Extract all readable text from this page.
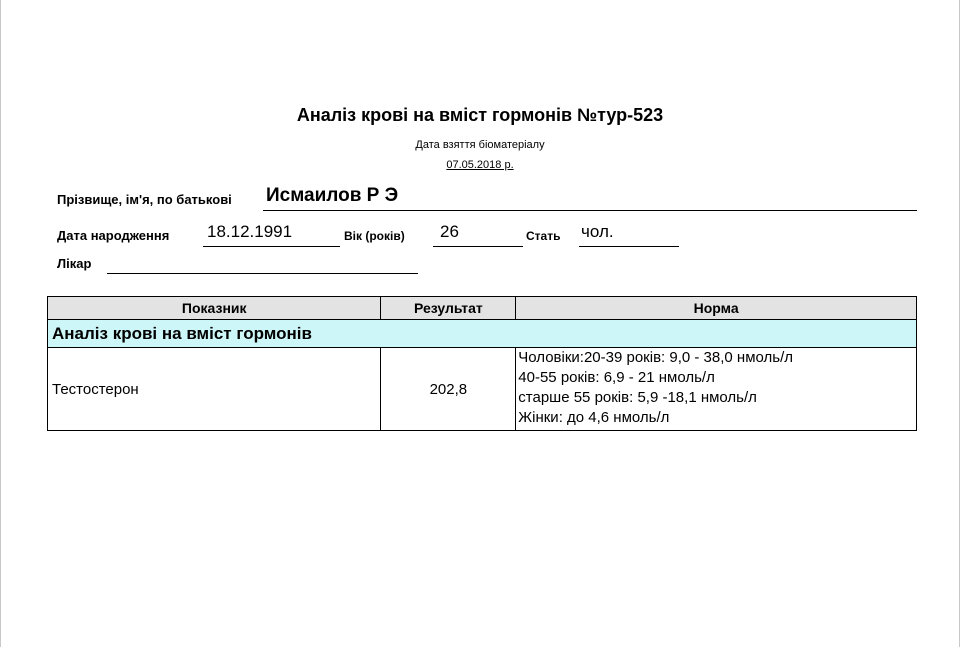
Аналіз крові на вміст гормонів №тур-523
Дата взяття біоматеріалу
07.05.2018 р.
Прізвище, ім'я, по батькові Исмаилов Р Э
Дата народження 18.12.1991	Вік (років)	26	Стать чол.
Лікар
Показник	Результат	Норма
Аналіз крові на вміст гормонів		
Тестостерон	202,8	Чоловіки:20-39 років: 9,0 - 38,0 нмоль/л
40-55 років: 6,9 - 21 нмоль/л
старше 55 років: 5,9 -18,1 нмоль/л
Жінки: до 4,6 нмоль/л
